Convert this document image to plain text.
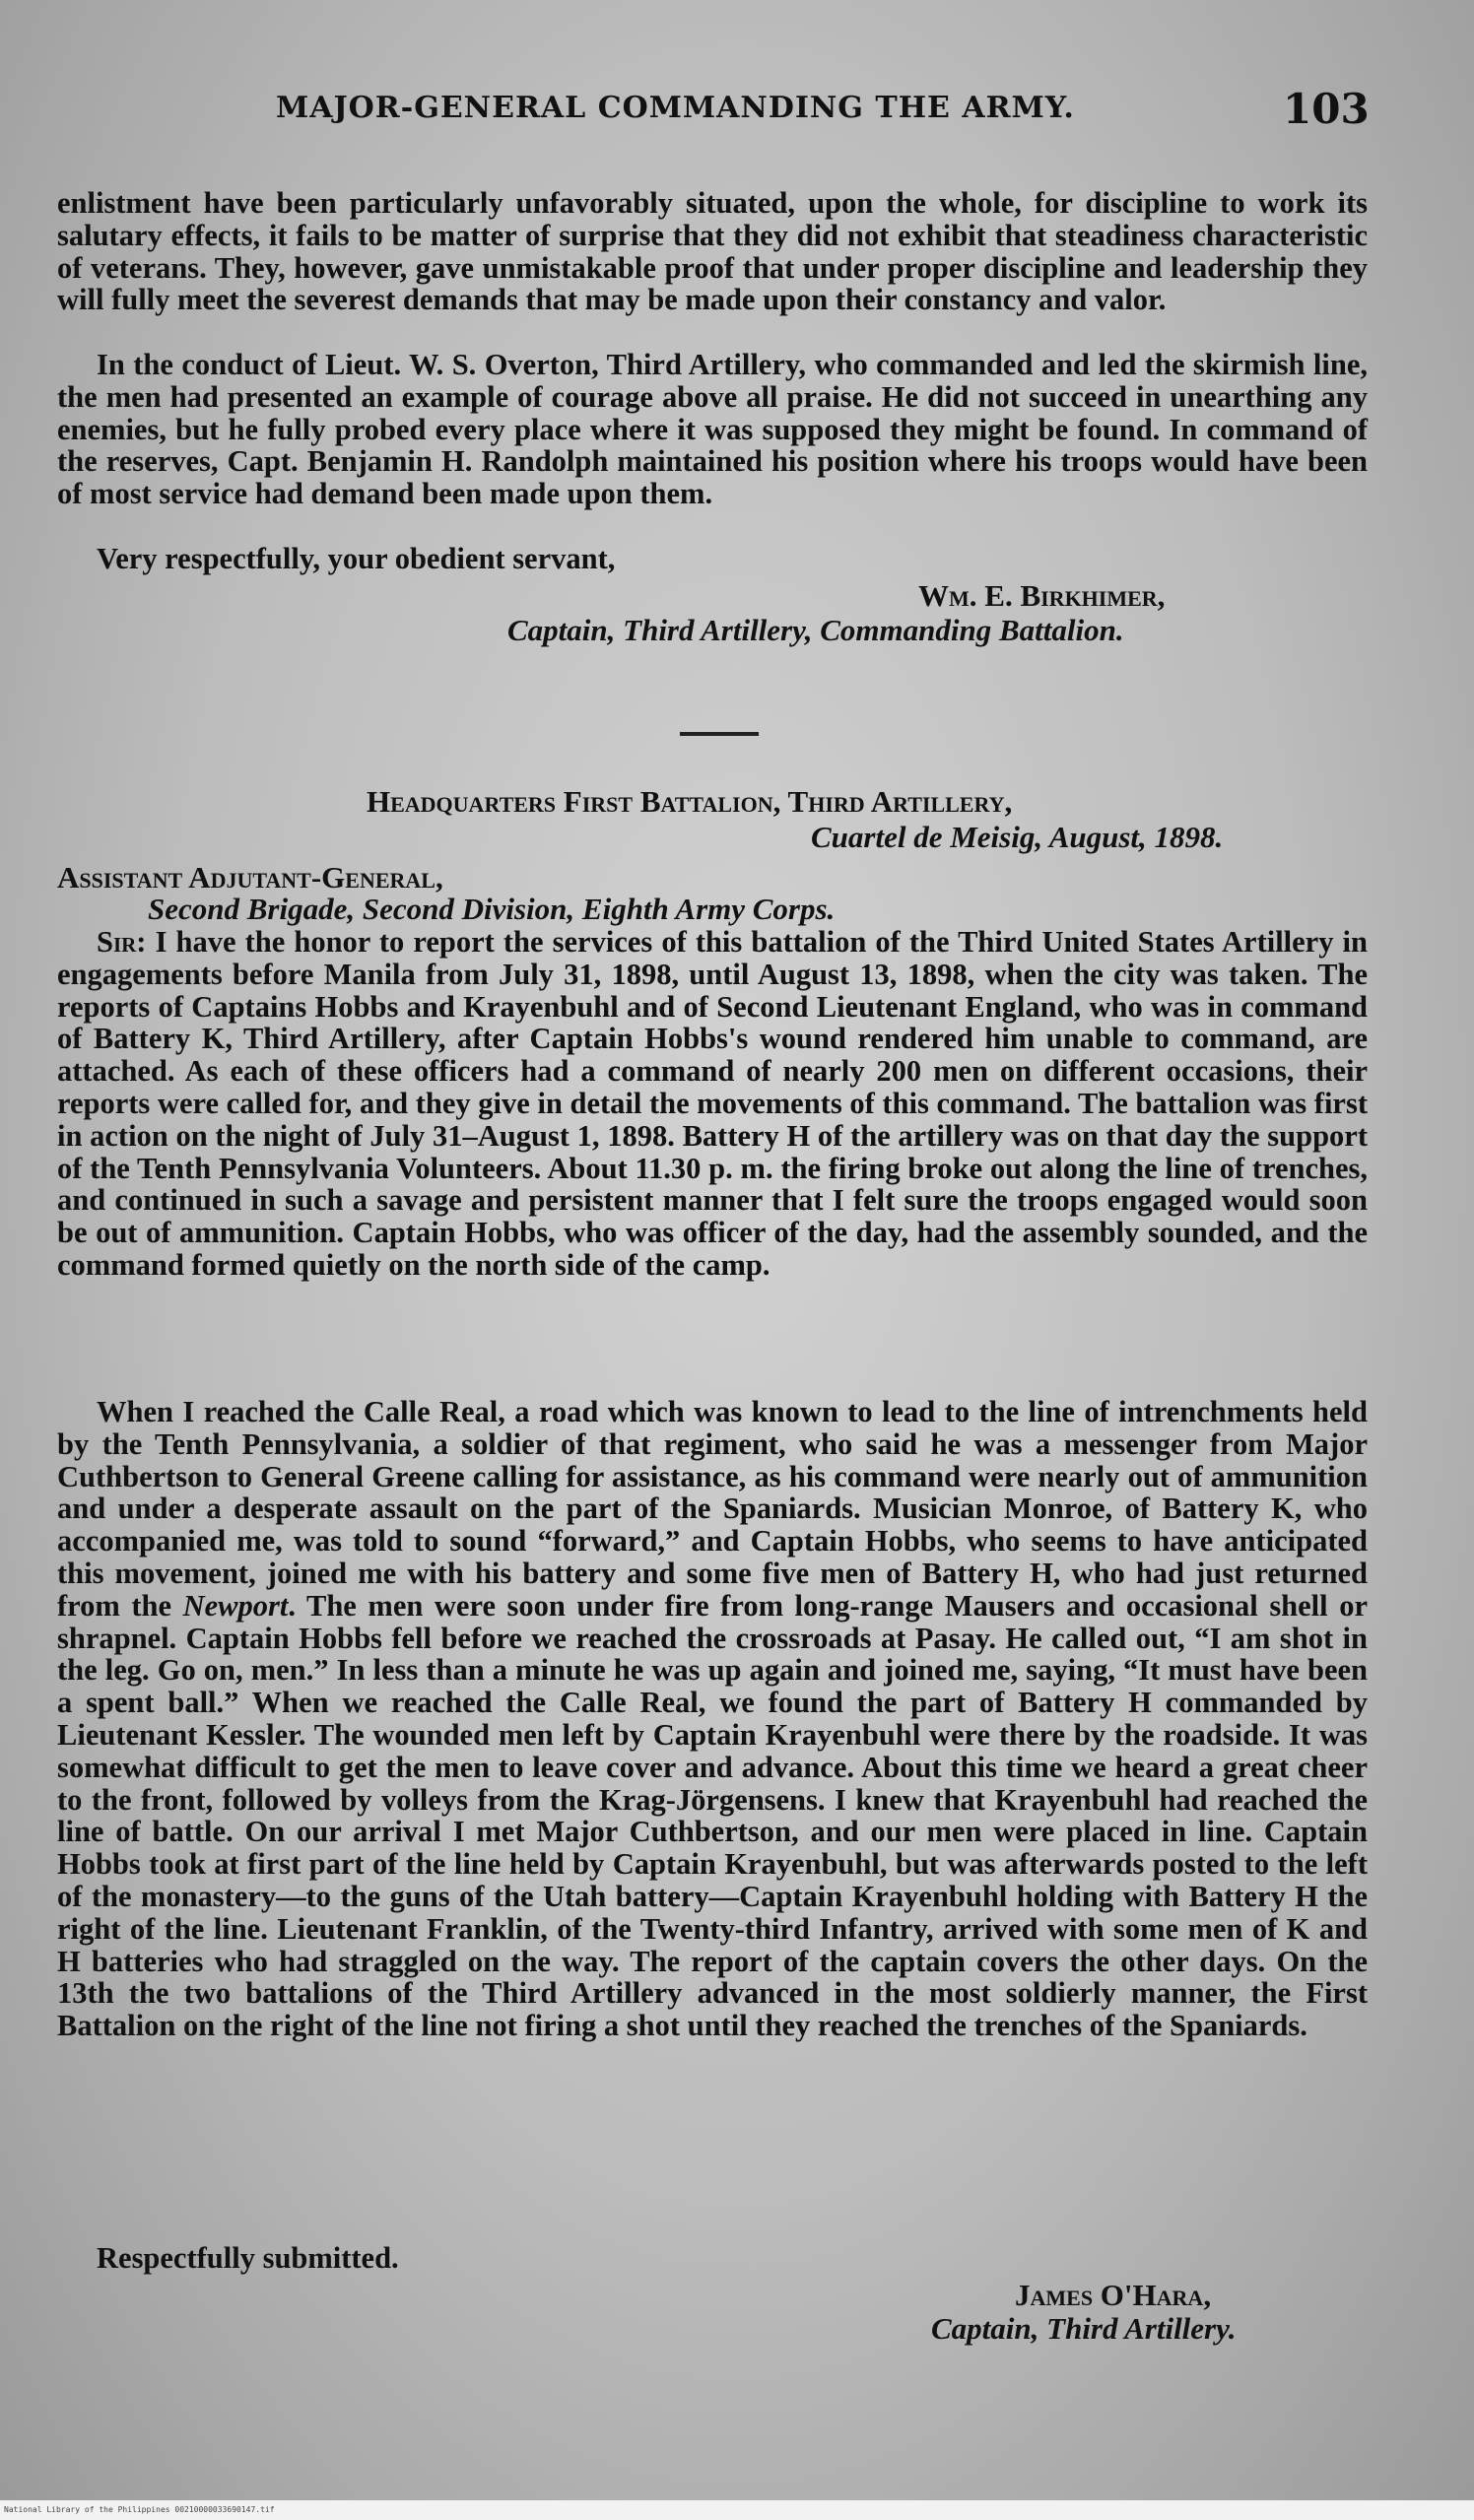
MAJOR-GENERAL COMMANDING THE ARMY.	103
enlistment have been particularly unfavorably situated, upon the whole, for discipline to work its salutary effects, it fails to be matter of surprise that they did not exhibit that steadiness characteristic of veterans. They, however, gave unmistakable proof that under proper discipline and leadership they will fully meet the severest demands that may be made upon their constancy and valor.
In the conduct of Lieut. W. S. Overton, Third Artillery, who commanded and led the skirmish line, the men had presented an example of courage above all praise. He did not succeed in unearthing any enemies, but he fully probed every place where it was supposed they might be found. In command of the reserves, Capt. Benjamin H. Randolph maintained his position where his troops would have been of most service had demand been made upon them.
Very respectfully, your obedient servant,
Wm. E. Birkhimer,
Captain, Third Artillery, Commanding Battalion.
Headquarters First Battalion, Third Artillery,
Cuartel de Meisig, August, 1898.
Assistant Adjutant-General,
Second Brigade, Second Division, Eighth Army Corps.
Sir: I have the honor to report the services of this battalion of the Third United States Artillery in engagements before Manila from July 31, 1898, until August 13, 1898, when the city was taken. The reports of Captains Hobbs and Krayenbuhl and of Second Lieutenant England, who was in command of Battery K, Third Artillery, after Captain Hobbs's wound rendered him unable to command, are attached. As each of these officers had a command of nearly 200 men on different occasions, their reports were called for, and they give in detail the movements of this command. The battalion was first in action on the night of July 31–August 1, 1898. Battery H of the artillery was on that day the support of the Tenth Pennsylvania Volunteers. About 11.30 p. m. the firing broke out along the line of trenches, and continued in such a savage and persistent manner that I felt sure the troops engaged would soon be out of ammunition. Captain Hobbs, who was officer of the day, had the assembly sounded, and the command formed quietly on the north side of the camp.
When I reached the Calle Real, a road which was known to lead to the line of intrenchments held by the Tenth Pennsylvania, a soldier of that regiment, who said he was a messenger from Major Cuthbertson to General Greene calling for assistance, as his command were nearly out of ammunition and under a desperate assault on the part of the Spaniards. Musician Monroe, of Battery K, who accompanied me, was told to sound “forward,” and Captain Hobbs, who seems to have anticipated this movement, joined me with his battery and some five men of Battery H, who had just returned from the Newport. The men were soon under fire from long-range Mausers and occasional shell or shrapnel. Captain Hobbs fell before we reached the crossroads at Pasay. He called out, “I am shot in the leg. Go on, men.” In less than a minute he was up again and joined me, saying, “It must have been a spent ball.” When we reached the Calle Real, we found the part of Battery H commanded by Lieutenant Kessler. The wounded men left by Captain Krayenbuhl were there by the roadside. It was somewhat difficult to get the men to leave cover and advance. About this time we heard a great cheer to the front, followed by volleys from the Krag-Jörgensens. I knew that Krayenbuhl had reached the line of battle. On our arrival I met Major Cuthbertson, and our men were placed in line. Captain Hobbs took at first part of the line held by Captain Krayenbuhl, but was afterwards posted to the left of the monastery—to the guns of the Utah battery—Captain Krayenbuhl holding with Battery H the right of the line. Lieutenant Franklin, of the Twenty-third Infantry, arrived with some men of K and H batteries who had straggled on the way. The report of the captain covers the other days. On the 13th the two battalions of the Third Artillery advanced in the most soldierly manner, the First Battalion on the right of the line not firing a shot until they reached the trenches of the Spaniards.
Respectfully submitted.
James O'Hara,
Captain, Third Artillery.
National Library of the Philippines 00210000033690147.tif
